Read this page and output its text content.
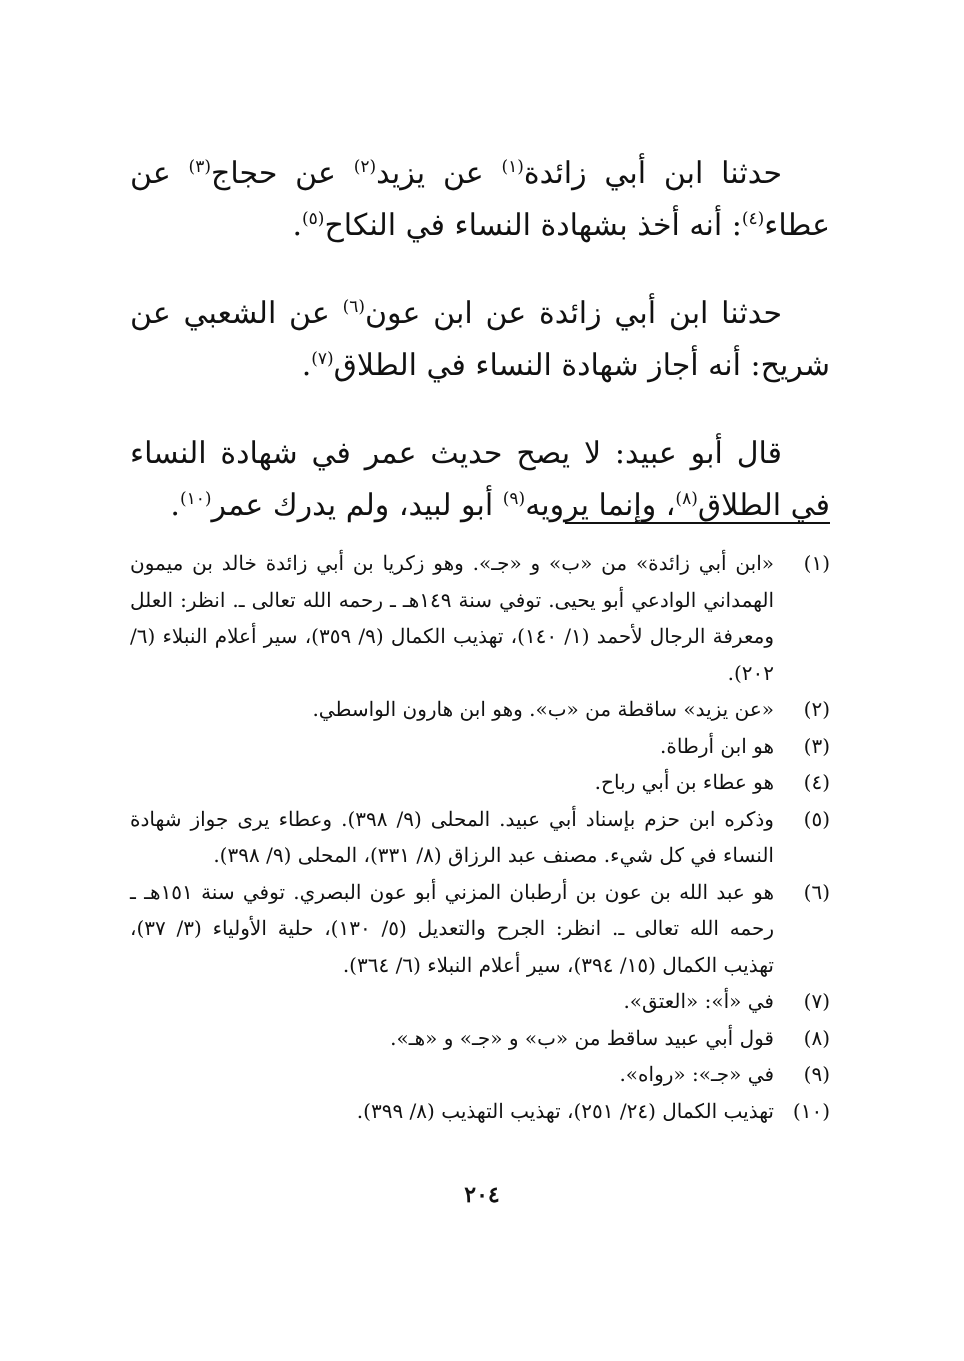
حدثنا ابن أبي زائدة$^{(١)}$ عن يزيد$^{(٢)}$ عن حجاج$^{(٣)}$ عن عطاء$^{(٤)}$: أنه أخذ بشهادة النساء في النكاح$^{(٥)}$.

حدثنا ابن أبي زائدة عن ابن عون$^{(٦)}$ عن الشعبي عن شريح: أنه أجاز شهادة النساء في الطلاق$^{(٧)}$.

قال أبو عبيد: لا يصح حديث عمر في شهادة النساء في الطلاق$^{(٨)}$، وإنما يرويه$^{(٩)}$ أبو لبيد، ولم يدرك عمر$^{(١٠)}$.

(١)
«ابن أبي زائدة» من «ب» و «جـ». وهو زكريا بن أبي زائدة خالد بن ميمون الهمداني الوادعي أبو يحيى. توفي سنة ١٤٩هـ ـ رحمه الله تعالى ـ. انظر: العلل ومعرفة الرجال لأحمد (١/ ١٤٠)، تهذيب الكمال (٩/ ٣٥٩)، سير أعلام النبلاء (٦/ ٢٠٢).
(٢)
«عن يزيد» ساقطة من «ب». وهو ابن هارون الواسطي.
(٣)
هو ابن أرطاة.
(٤)
هو عطاء بن أبي رباح.
(٥)
وذكره ابن حزم بإسناد أبي عبيد. المحلى (٩/ ٣٩٨). وعطاء يرى جواز شهادة النساء في كل شيء. مصنف عبد الرزاق (٨/ ٣٣١)، المحلى (٩/ ٣٩٨).
(٦)
هو عبد الله بن عون بن أرطبان المزني أبو عون البصري. توفي سنة ١٥١هـ ـ رحمه الله تعالى ـ. انظر: الجرح والتعديل (٥/ ١٣٠)، حلية الأولياء (٣/ ٣٧)، تهذيب الكمال (١٥/ ٣٩٤)، سير أعلام النبلاء (٦/ ٣٦٤).
(٧)
في «أ»: «العتق».
(٨)
قول أبي عبيد ساقط من «ب» و «جـ» و «هـ».
(٩)
في «جـ»: «رواه».
(١٠)
تهذيب الكمال (٢٤/ ٢٥١)، تهذيب التهذيب (٨/ ٣٩٩).
٢٠٤
